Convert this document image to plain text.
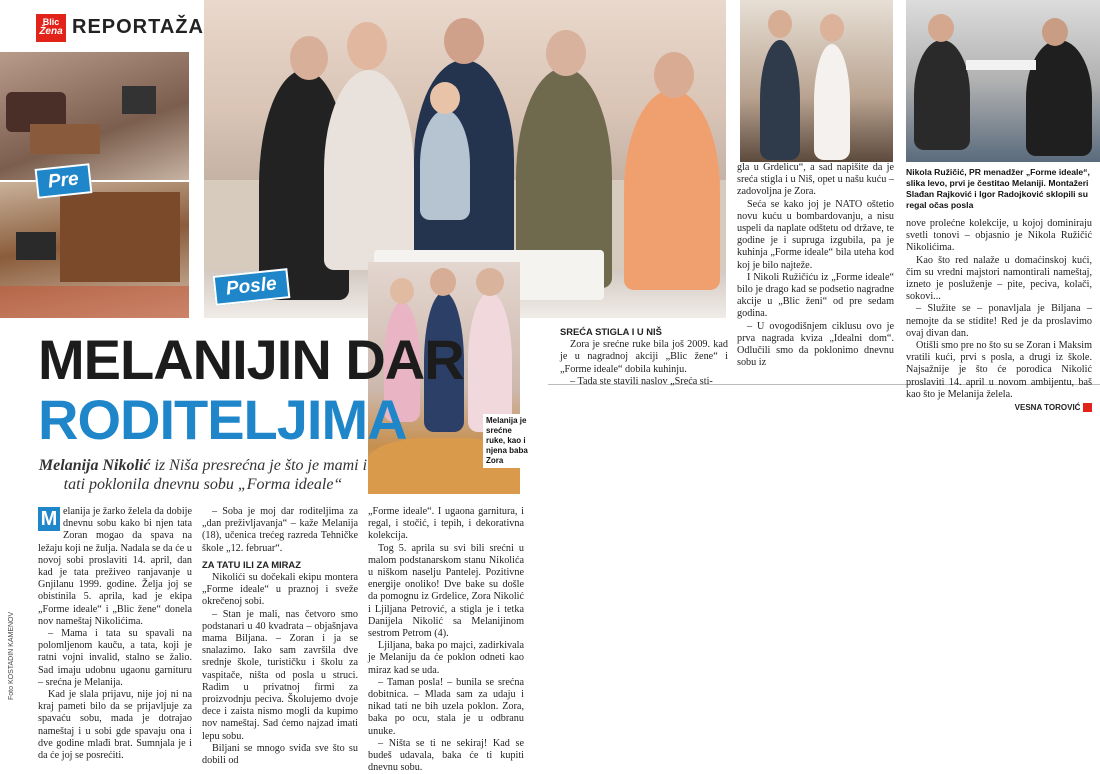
Blic
Žena REPORTAŽA
Pre
Posle
Nikola Ružičić, PR menadžer „Forme ideale“, slika levo, prvi je čestitao Melaniji. Montažeri Slađan Rajković i Igor Radojković sklopili su regal očas posla
Melanija je srećne ruke, kao i njena baba Zora
SREĆA STIGLA I U NIŠ

Zora je srećne ruke bila još 2009. kad je u nagradnoj akciji „Blic žene“ i „Forme ideale“ dobila kuhinju.

– Tada ste stavili naslov „Sreća sti-

gla u Grdelicu“, a sad napišite da je sreća stigla i u Niš, opet u našu kuću – zadovoljna je Zora.

Seća se kako joj je NATO oštetio novu kuću u bombardovanju, a nisu uspeli da naplate odštetu od države, te godine je i supruga izgubila, pa je kuhinja „Forme ideale“ bila uteha kod koj je bilo najteže.

I Nikoli Ružičiću iz „Forme ideale“ bilo je drago kad se podsetio nagradne akcije u „Blic ženi“ od pre sedam godina.

– U ovogodišnjem ciklusu ovo je prva nagrada kviza „Idealni dom“. Odlučili smo da poklonimo dnevnu sobu iz

nove prolećne kolekcije, u kojoj dominiraju svetli tonovi – objasnio je Nikola Ružičić Nikolićima.

Kao što red nalaže u domaćinskoj kući, čim su vredni majstori namontirali nameštaj, izneto je posluženje – pite, peciva, kolači, sokovi...

– Služite se – ponavljala je Biljana – nemojte da se stidite! Red je da proslavimo ovaj divan dan.

Otišli smo pre no što su se Zoran i Maksim vratili kući, prvi s posla, a drugi iz škole. Najsažnije je što će porodica Nikolić proslaviti 14. april u novom ambijentu, baš kao što je Melanija želela.

VESNA TOROVIĆ
MELANIJIN DAR
RODITELJIMA
Melanija Nikolić iz Niša presrećna je što je mami i tati poklonila dnevnu sobu „Forma ideale“
Foto KOSTADIN KAMENOV

M elanija je žarko želela da dobije dnevnu sobu kako bi njen tata Zoran mogao da spava na ležaju koji ne žulja. Nadala se da će u novoj sobi proslaviti 14. april, dan kad je tata preživeo ranjavanje u Gnjilanu 1999. godine. Želja joj se obistinila 5. aprila, kad je ekipa „Forme ideale“ i „Blic žene“ donela nov nameštaj Nikolićima.

– Mama i tata su spavali na polomljenom kauču, a tata, koji je ratni vojni invalid, stalno se žalio. Sad imaju udobnu ugaonu garnituru – srećna je Melanija.

Kad je slala prijavu, nije joj ni na kraj pameti bilo da se prijavljuje za spavaću sobu, mada je dotrajao nameštaj i u sobi gde spavaju ona i dve godine mlađi brat. Sumnjala je i da će joj se posrećiti.

– Soba je moj dar roditeljima za „dan preživljavanja“ – kaže Melanija (18), učenica trećeg razreda Tehničke škole „12. februar“.

ZA TATU ILI ZA MIRAZ

Nikolići su dočekali ekipu montera „Forme ideale“ u praznoj i sveže okrečenoj sobi.

– Stan je mali, nas četvoro smo podstanari u 40 kvadrata – objašnjava mama Biljana. – Zoran i ja se snalazimo. Iako sam završila dve srednje škole, turističku i školu za vaspitače, ništa od posla u struci. Radim u privatnoj firmi za proizvodnju peciva. Školujemo dvoje dece i zaista nismo mogli da kupimo nov nameštaj. Sad ćemo najzad imati lepu sobu.

Biljani se mnogo sviđa sve što su dobili od

„Forme ideale“. I ugaona garnitura, i regal, i stočić, i tepih, i dekorativna kolekcija.

Tog 5. aprila su svi bili srećni u malom podstanarskom stanu Nikolića u niškom naselju Pantelej. Pozitivne energije onoliko! Dve bake su došle da pomognu iz Grdelice, Zora Nikolić i Ljiljana Petrović, a stigla je i tetka Danijela Nikolić sa Melanijinom sestrom Petrom (4).

Ljiljana, baka po majci, zadirkivala je Melaniju da će poklon odneti kao miraz kad se uda.

– Taman posla! – bunila se srećna dobitnica. – Mlada sam za udaju i nikad tati ne bih uzela poklon. Zora, baka po ocu, stala je u odbranu unuke.

– Ništa se ti ne sekiraj! Kad se budeš udavala, baka će ti kupiti dnevnu sobu.
